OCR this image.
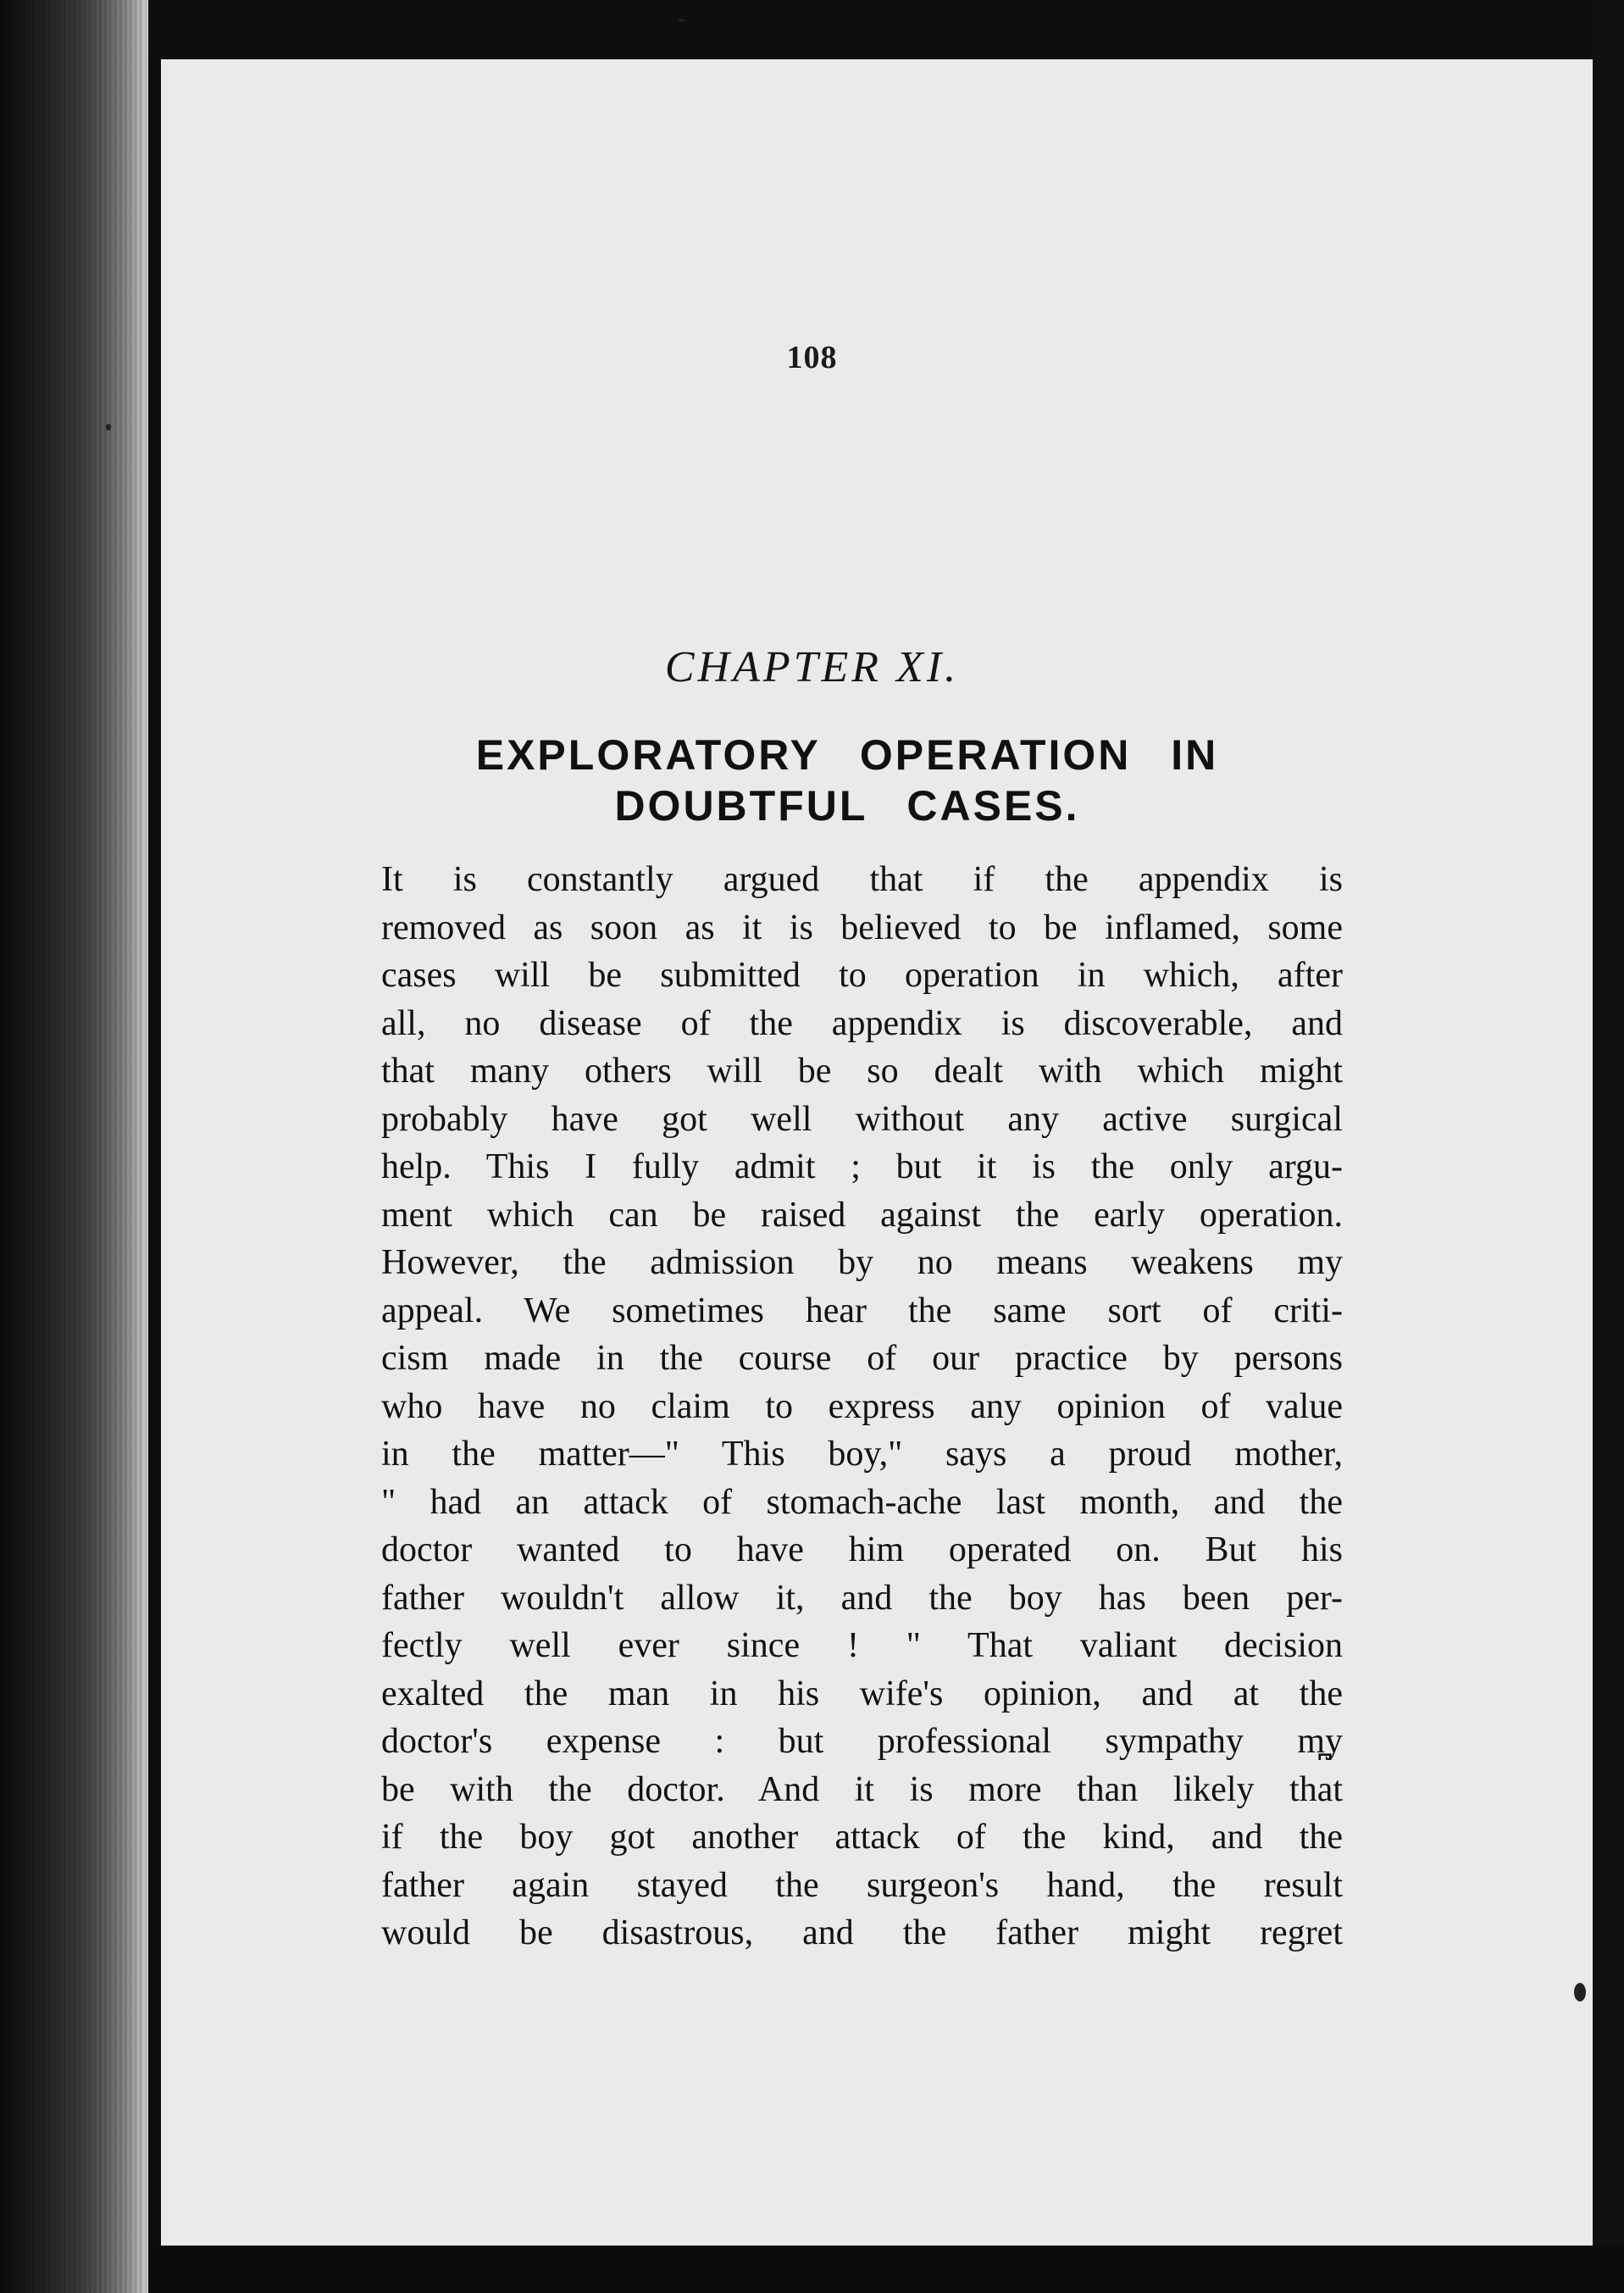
108
CHAPTER XI.
EXPLORATORY OPERATION IN
DOUBTFUL CASES.
It is constantly argued that if the appendix is
removed as soon as it is believed to be inflamed, some
cases will be submitted to operation in which, after
all, no disease of the appendix is discoverable, and
that many others will be so dealt with which might
probably have got well without any active surgical
help. This I fully admit ; but it is the only argu-
ment which can be raised against the early operation.
However, the admission by no means weakens my
appeal. We sometimes hear the same sort of criti-
cism made in the course of our practice by persons
who have no claim to express any opinion of value
in the matter—" This boy," says a proud mother,
" had an attack of stomach-ache last month, and the
doctor wanted to have him operated on. But his
father wouldn't allow it, and the boy has been per-
fectly well ever since ! " That valiant decision
exalted the man in his wife's opinion, and at the
doctor's expense : but professional sympathy m̪y
be with the doctor. And it is more than likely that
if the boy got another attack of the kind, and the
father again stayed the surgeon's hand, the result
would be disastrous, and the father might regret
